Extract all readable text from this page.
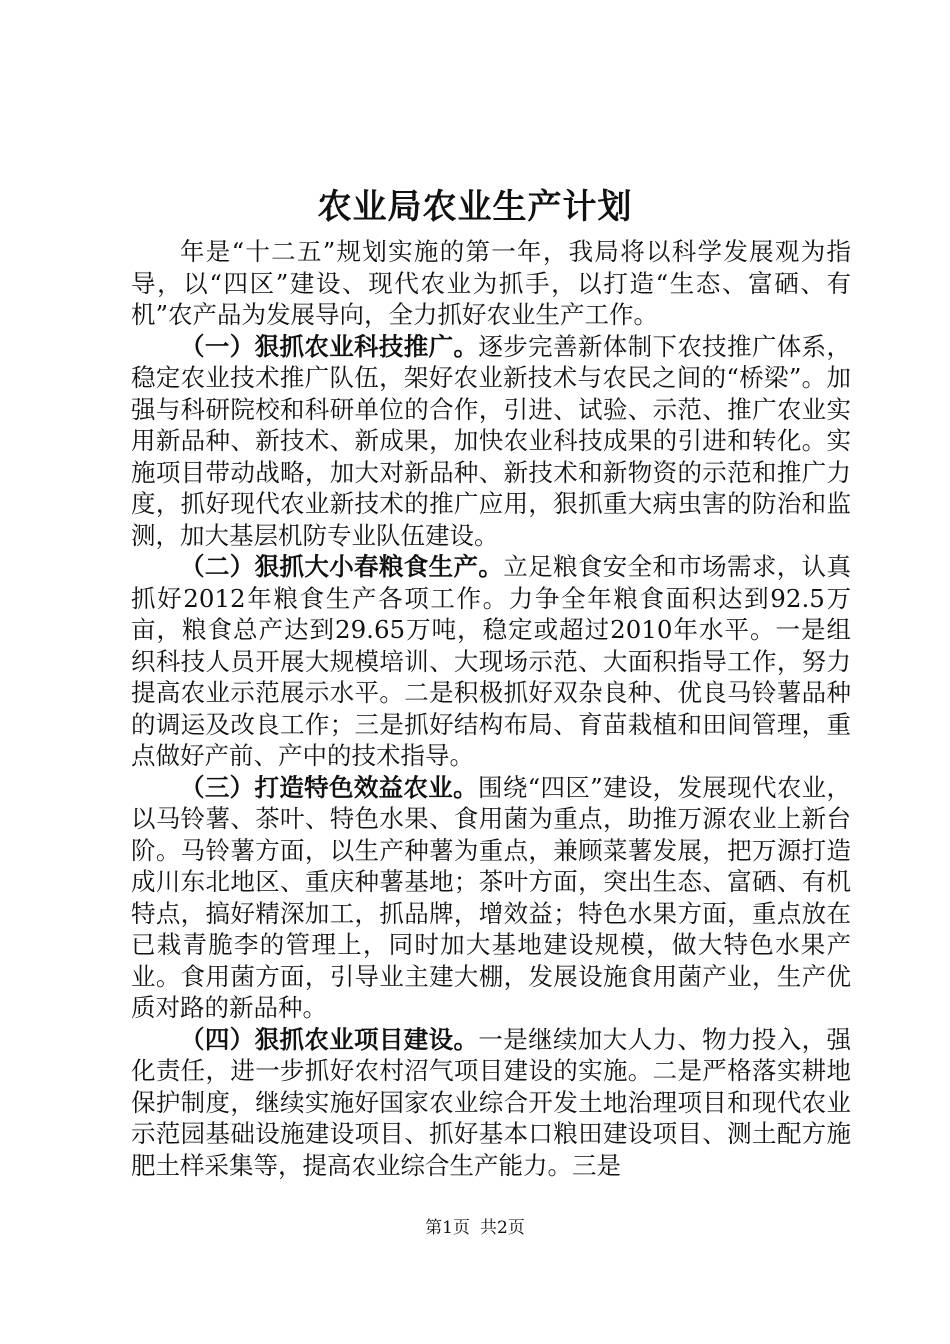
农业局农业生产计划

年是“十二五”规划实施的第一年，我局将以科学发展观为指导，以“四区”建设、现代农业为抓手，以打造“生态、富硒、有机”农产品为发展导向，全力抓好农业生产工作。

（一）狠抓农业科技推广。逐步完善新体制下农技推广体系，稳定农业技术推广队伍，架好农业新技术与农民之间的“桥梁”。加强与科研院校和科研单位的合作，引进、试验、示范、推广农业实用新品种、新技术、新成果，加快农业科技成果的引进和转化。实施项目带动战略，加大对新品种、新技术和新物资的示范和推广力度，抓好现代农业新技术的推广应用，狠抓重大病虫害的防治和监测，加大基层机防专业队伍建设。

（二）狠抓大小春粮食生产。立足粮食安全和市场需求，认真抓好2012年粮食生产各项工作。力争全年粮食面积达到92.5万亩，粮食总产达到29.65万吨，稳定或超过2010年水平。一是组织科技人员开展大规模培训、大现场示范、大面积指导工作，努力提高农业示范展示水平。二是积极抓好双杂良种、优良马铃薯品种的调运及改良工作；三是抓好结构布局、育苗栽植和田间管理，重点做好产前、产中的技术指导。

（三）打造特色效益农业。围绕“四区”建设，发展现代农业，以马铃薯、茶叶、特色水果、食用菌为重点，助推万源农业上新台阶。马铃薯方面，以生产种薯为重点，兼顾菜薯发展，把万源打造成川东北地区、重庆种薯基地；茶叶方面，突出生态、富硒、有机特点，搞好精深加工，抓品牌，增效益；特色水果方面，重点放在已栽青脆李的管理上，同时加大基地建设规模，做大特色水果产业。食用菌方面，引导业主建大棚，发展设施食用菌产业，生产优质对路的新品种。

（四）狠抓农业项目建设。一是继续加大人力、物力投入，强化责任，进一步抓好农村沼气项目建设的实施。二是严格落实耕地保护制度，继续实施好国家农业综合开发土地治理项目和现代农业示范园基础设施建设项目、抓好基本口粮田建设项目、测土配方施肥土样采集等，提高农业综合生产能力。三是

第1页 共2页
